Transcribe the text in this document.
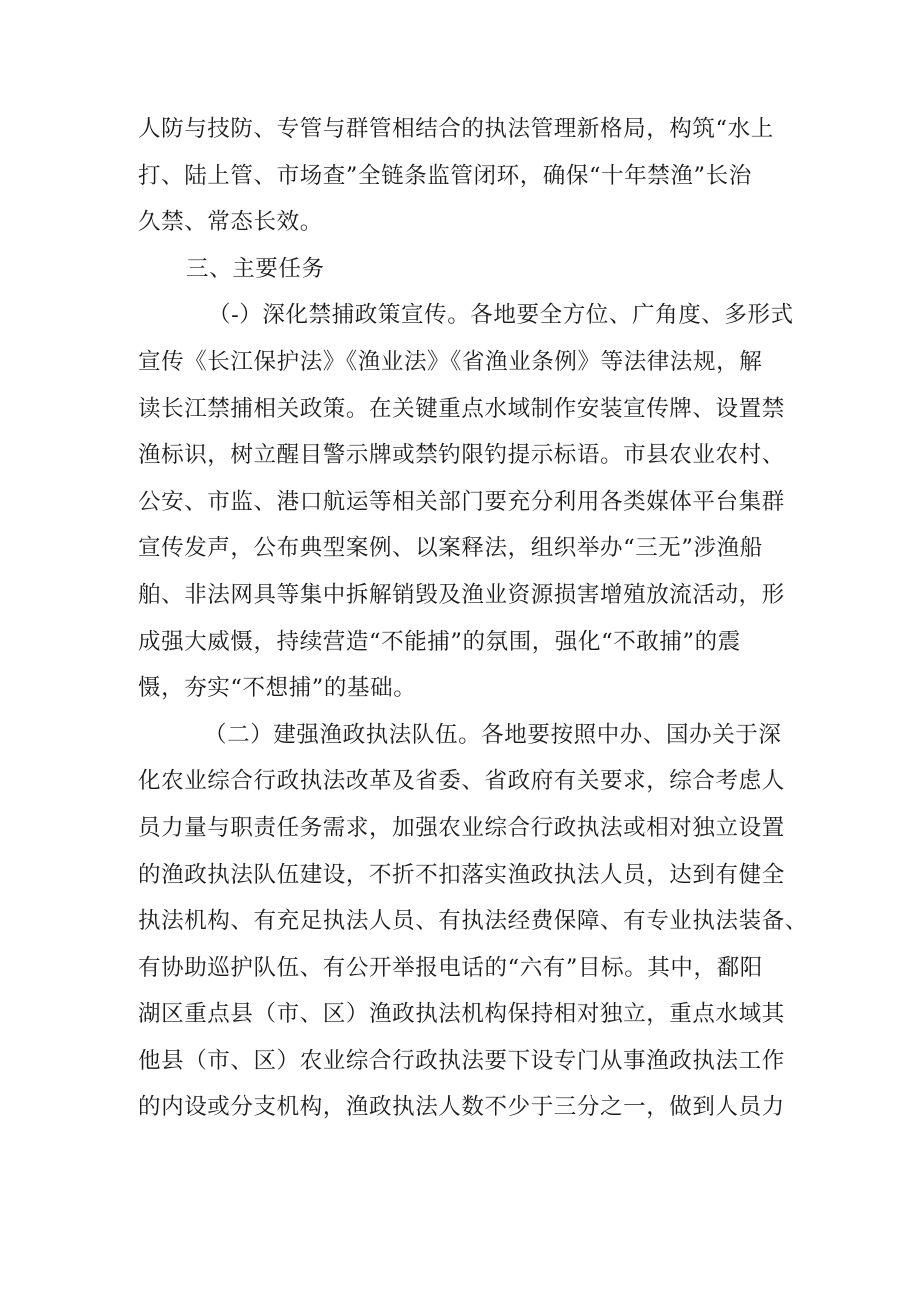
人防与技防、专管与群管相结合的执法管理新格局，构筑“水上
打、陆上管、市场查”全链条监管闭环，确保“十年禁渔”长治
久禁、常态长效。
三、主要任务
（-）深化禁捕政策宣传。各地要全方位、广角度、多形式
宣传《长江保护法》《渔业法》《省渔业条例》等法律法规，解
读长江禁捕相关政策。在关键重点水域制作安装宣传牌、设置禁
渔标识，树立醒目警示牌或禁钓限钓提示标语。市县农业农村、
公安、市监、港口航运等相关部门要充分利用各类媒体平台集群
宣传发声，公布典型案例、以案释法，组织举办“三无”涉渔船
舶、非法网具等集中拆解销毁及渔业资源损害增殖放流活动，形
成强大威慑，持续营造“不能捕”的氛围，强化“不敢捕”的震
慑，夯实“不想捕”的基础。
（二）建强渔政执法队伍。各地要按照中办、国办关于深
化农业综合行政执法改革及省委、省政府有关要求，综合考虑人
员力量与职责任务需求，加强农业综合行政执法或相对独立设置
的渔政执法队伍建设，不折不扣落实渔政执法人员，达到有健全
执法机构、有充足执法人员、有执法经费保障、有专业执法装备、
有协助巡护队伍、有公开举报电话的“六有”目标。其中，鄱阳
湖区重点县（市、区）渔政执法机构保持相对独立，重点水域其
他县（市、区）农业综合行政执法要下设专门从事渔政执法工作
的内设或分支机构，渔政执法人数不少于三分之一，做到人员力
